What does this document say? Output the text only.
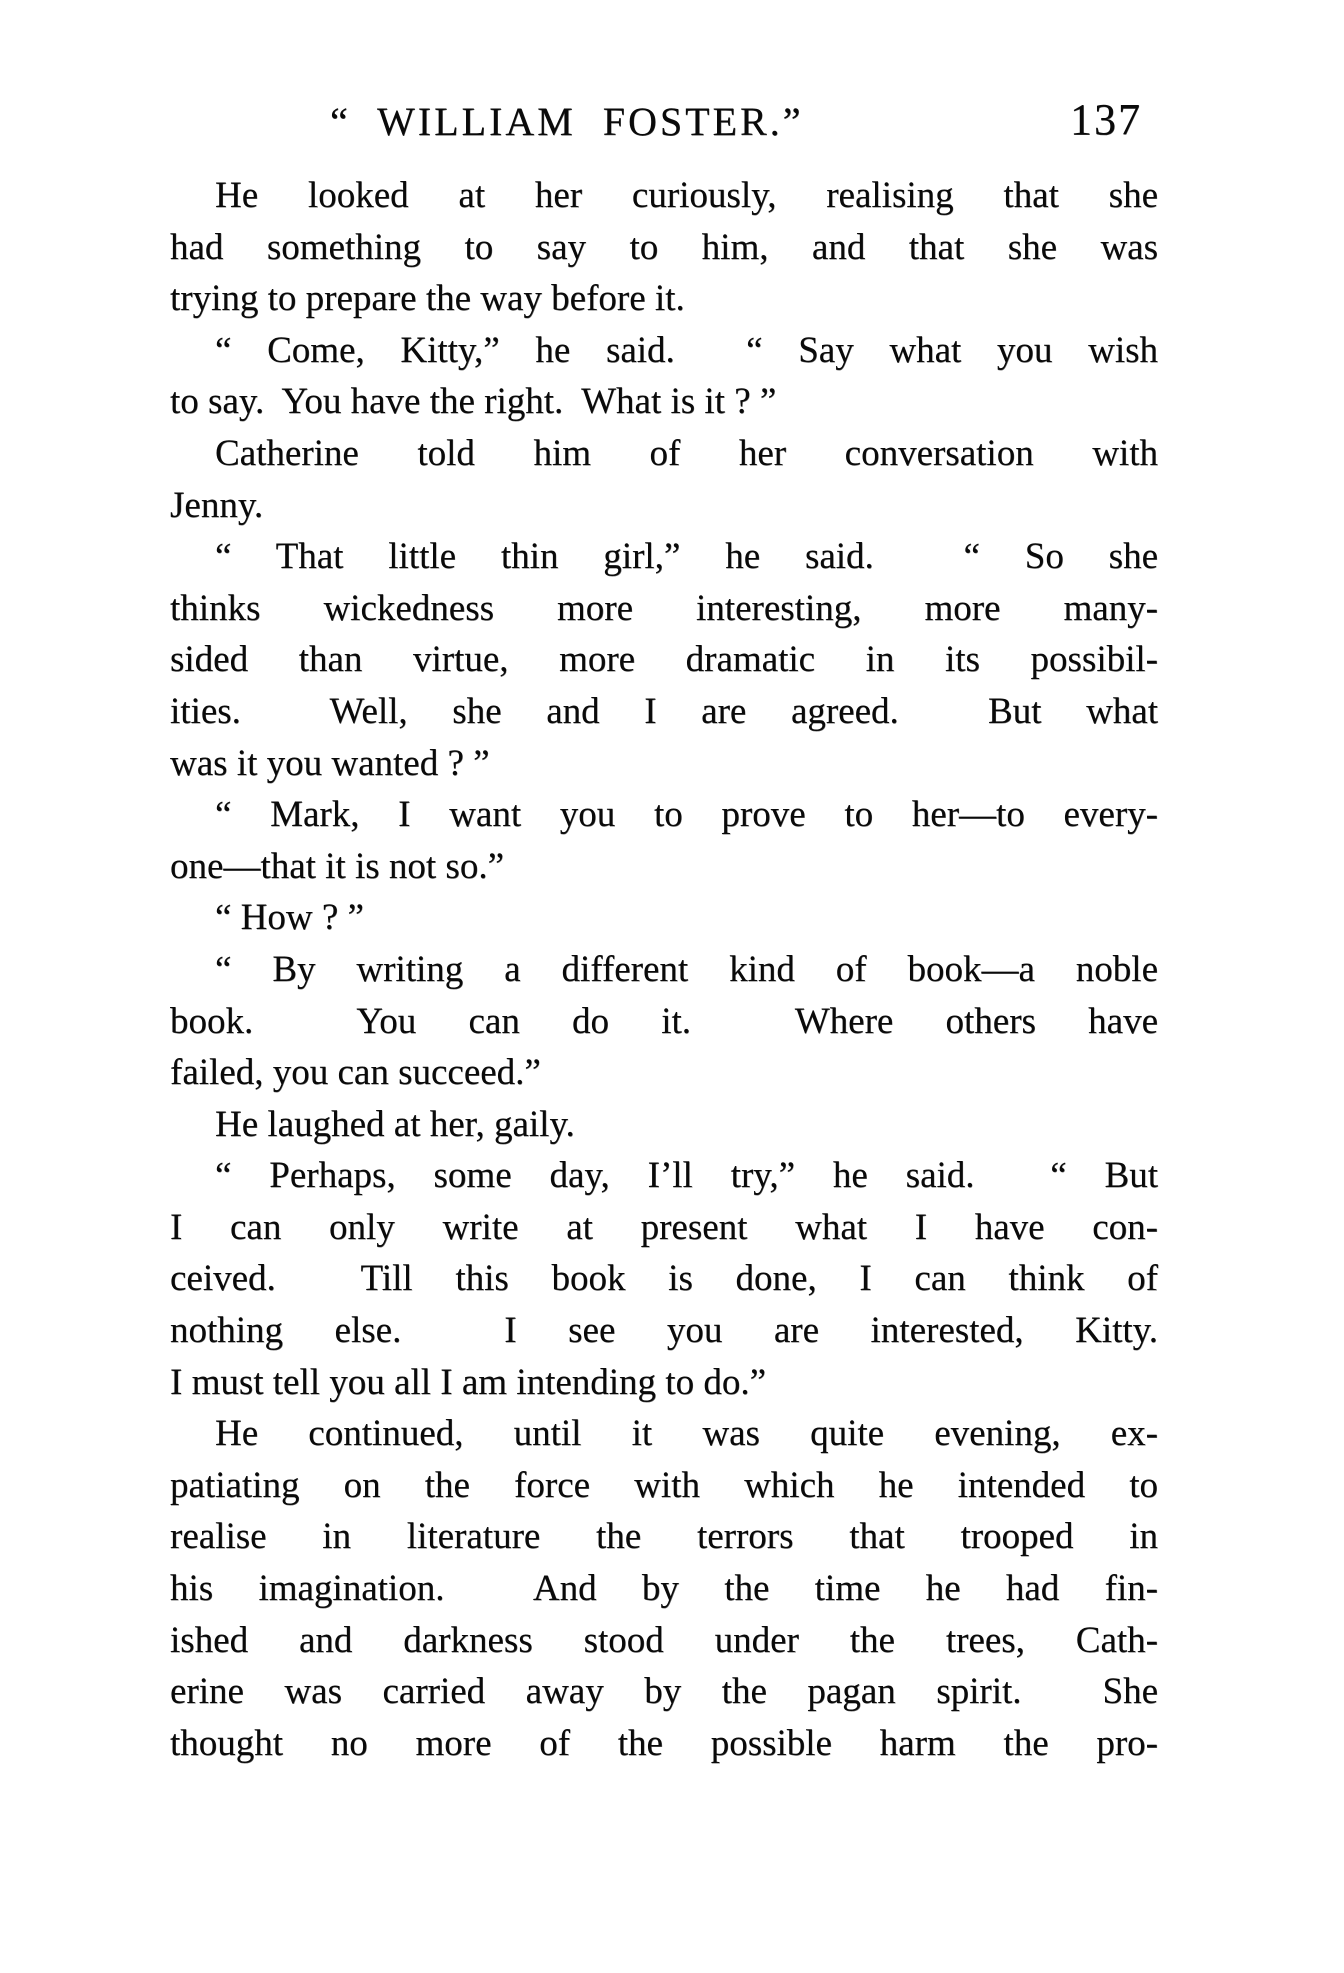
“ WILLIAM FOSTER.”	137
He looked at her curiously, realising that she
had something to say to him, and that she was
trying to prepare the way before it.
“ Come, Kitty,” he said.  “ Say what you wish
to say.  You have the right.  What is it ? ”
Catherine told him of her conversation with
Jenny.
“ That little thin girl,” he said.  “ So she
thinks wickedness more interesting, more many-
sided than virtue, more dramatic in its possibil-
ities.  Well, she and I are agreed.  But what
was it you wanted ? ”
“ Mark, I want you to prove to her—to every-
one—that it is not so.”
“ How ? ”
“ By writing a different kind of book—a noble
book.  You can do it.  Where others have
failed, you can succeed.”
He laughed at her, gaily.
“ Perhaps, some day, I’ll try,” he said.  “ But
I can only write at present what I have con-
ceived.  Till this book is done, I can think of
nothing else.  I see you are interested, Kitty.
I must tell you all I am intending to do.”
He continued, until it was quite evening, ex-
patiating on the force with which he intended to
realise in literature the terrors that trooped in
his imagination.  And by the time he had fin-
ished and darkness stood under the trees, Cath-
erine was carried away by the pagan spirit.  She
thought no more of the possible harm the pro-
